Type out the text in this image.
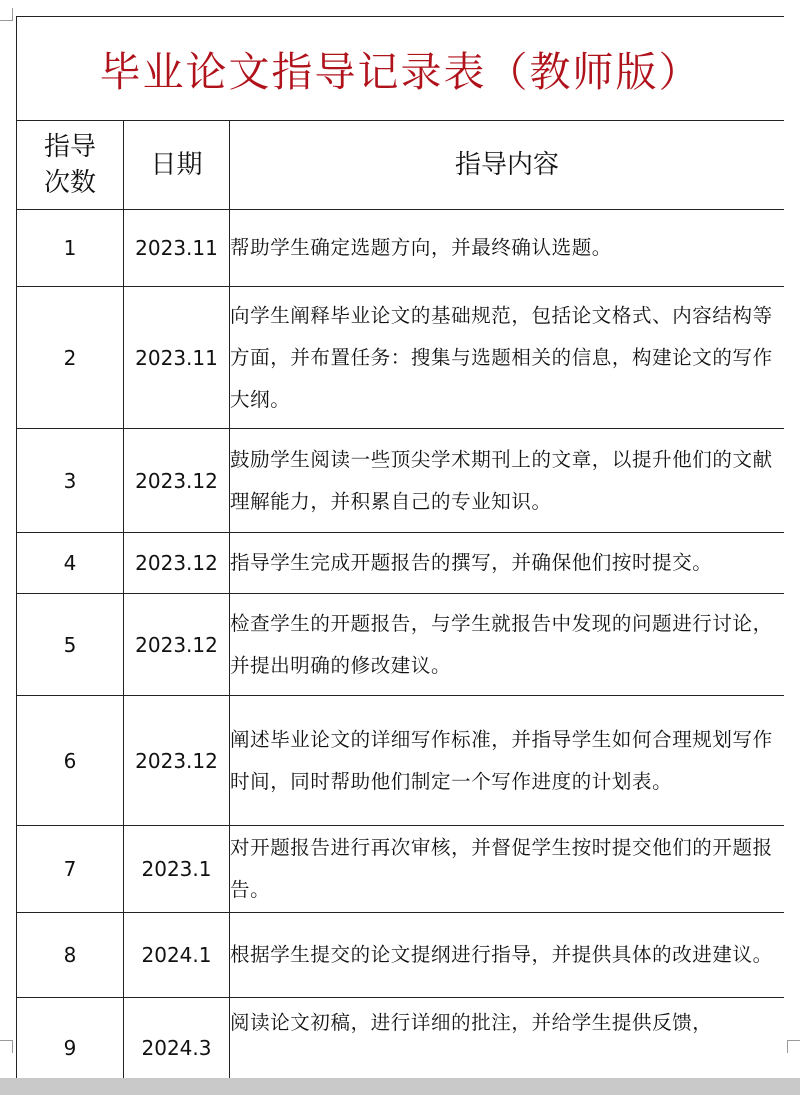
毕业论文指导记录表（教师版）		
指导次数	日期	指导内容
1	2023.11	帮助学生确定选题方向，并最终确认选题。
2	2023.11	向学生阐释毕业论文的基础规范，包括论文格式、内容结构等方面，并布置任务：搜集与选题相关的信息，构建论文的写作大纲。
3	2023.12	鼓励学生阅读一些顶尖学术期刊上的文章，以提升他们的文献理解能力，并积累自己的专业知识。
4	2023.12	指导学生完成开题报告的撰写，并确保他们按时提交。
5	2023.12	检查学生的开题报告，与学生就报告中发现的问题进行讨论，并提出明确的修改建议。
6	2023.12	阐述毕业论文的详细写作标准，并指导学生如何合理规划写作时间，同时帮助他们制定一个写作进度的计划表。
7	2023.1	对开题报告进行再次审核，并督促学生按时提交他们的开题报告。
8	2024.1	根据学生提交的论文提纲进行指导，并提供具体的改进建议。
9	2024.3	阅读论文初稿，进行详细的批注，并给学生提供反馈，
